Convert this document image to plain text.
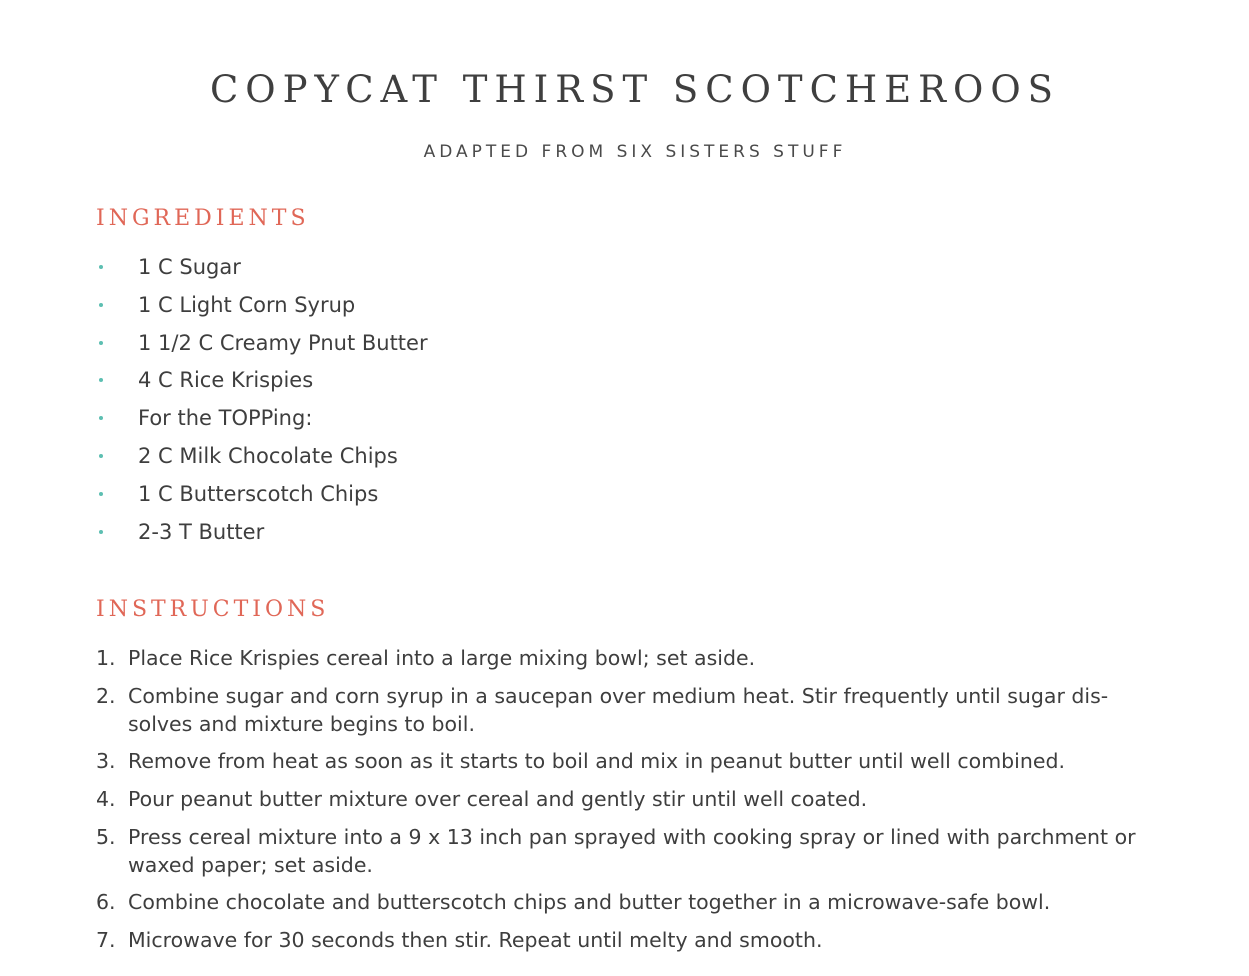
COPYCAT THIRST SCOTCHEROOS
ADAPTED FROM SIX SISTERS STUFF
INGREDIENTS
1 C Sugar
1 C Light Corn Syrup
1 1/2 C Creamy Pnut Butter
4 C Rice Krispies
For the TOPPing:
2 C Milk Chocolate Chips
1 C Butterscotch Chips
2-3 T Butter
INSTRUCTIONS
1. Place Rice Krispies cereal into a large mixing bowl; set aside.
2. Combine sugar and corn syrup in a saucepan over medium heat. Stir frequently until sugar dis- solves and mixture begins to boil.
3. Remove from heat as soon as it starts to boil and mix in peanut butter until well combined.
4. Pour peanut butter mixture over cereal and gently stir until well coated.
5. Press cereal mixture into a 9 x 13 inch pan sprayed with cooking spray or lined with parchment or waxed paper; set aside.
6. Combine chocolate and butterscotch chips and butter together in a microwave-safe bowl.
7. Microwave for 30 seconds then stir. Repeat until melty and smooth.
